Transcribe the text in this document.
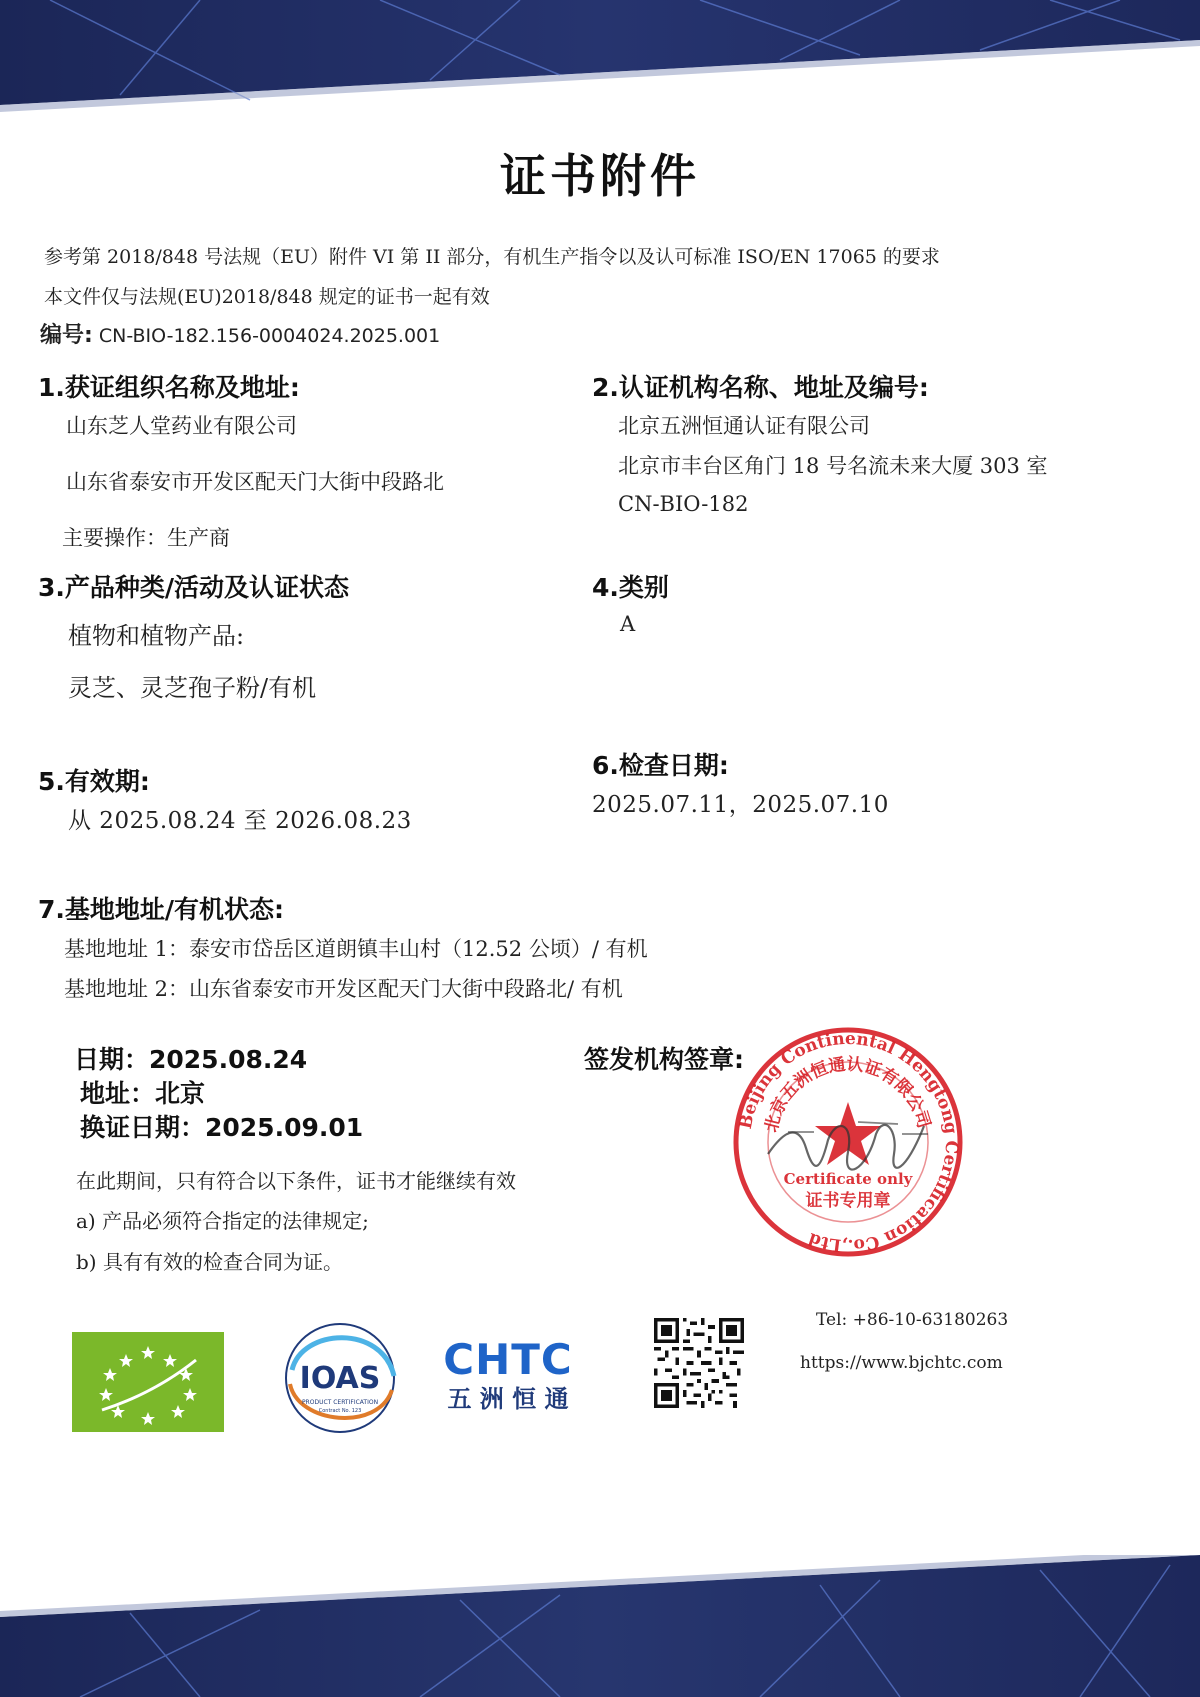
证书附件
参考第 2018/848 号法规（EU）附件 VI 第 II 部分，有机生产指令以及认可标准 ISO/EN 17065 的要求
本文件仅与法规(EU)2018/848 规定的证书一起有效
编号: CN-BIO-182.156-0004024.2025.001
1.获证组织名称及地址:
山东芝人堂药业有限公司
山东省泰安市开发区配天门大街中段路北
主要操作：生产商
2.认证机构名称、地址及编号:
北京五洲恒通认证有限公司
北京市丰台区角门 18 号名流未来大厦 303 室
CN-BIO-182
3.产品种类/活动及认证状态
植物和植物产品:
灵芝、灵芝孢子粉/有机
4.类别
A
5.有效期:
从 2025.08.24 至 2026.08.23
6.检查日期:
2025.07.11，2025.07.10
7.基地地址/有机状态:
基地地址 1：泰安市岱岳区道朗镇丰山村（12.52 公顷）/ 有机
基地地址 2：山东省泰安市开发区配天门大街中段路北/ 有机
日期：2025.08.24
地址：北京
换证日期：2025.09.01
签发机构签章:
在此期间，只有符合以下条件，证书才能继续有效
a) 产品必须符合指定的法律规定;
b) 具有有效的检查合同为证。
Beijing Continental Hengtong Certification Co.,Ltd
北京五洲恒通认证有限公司
Certificate only
证书专用章
IOAS
PRODUCT CERTIFICATION
Contract No. 123
CHTC
五 洲 恒 通
Tel: +86-10-63180263
https://www.bjchtc.com
